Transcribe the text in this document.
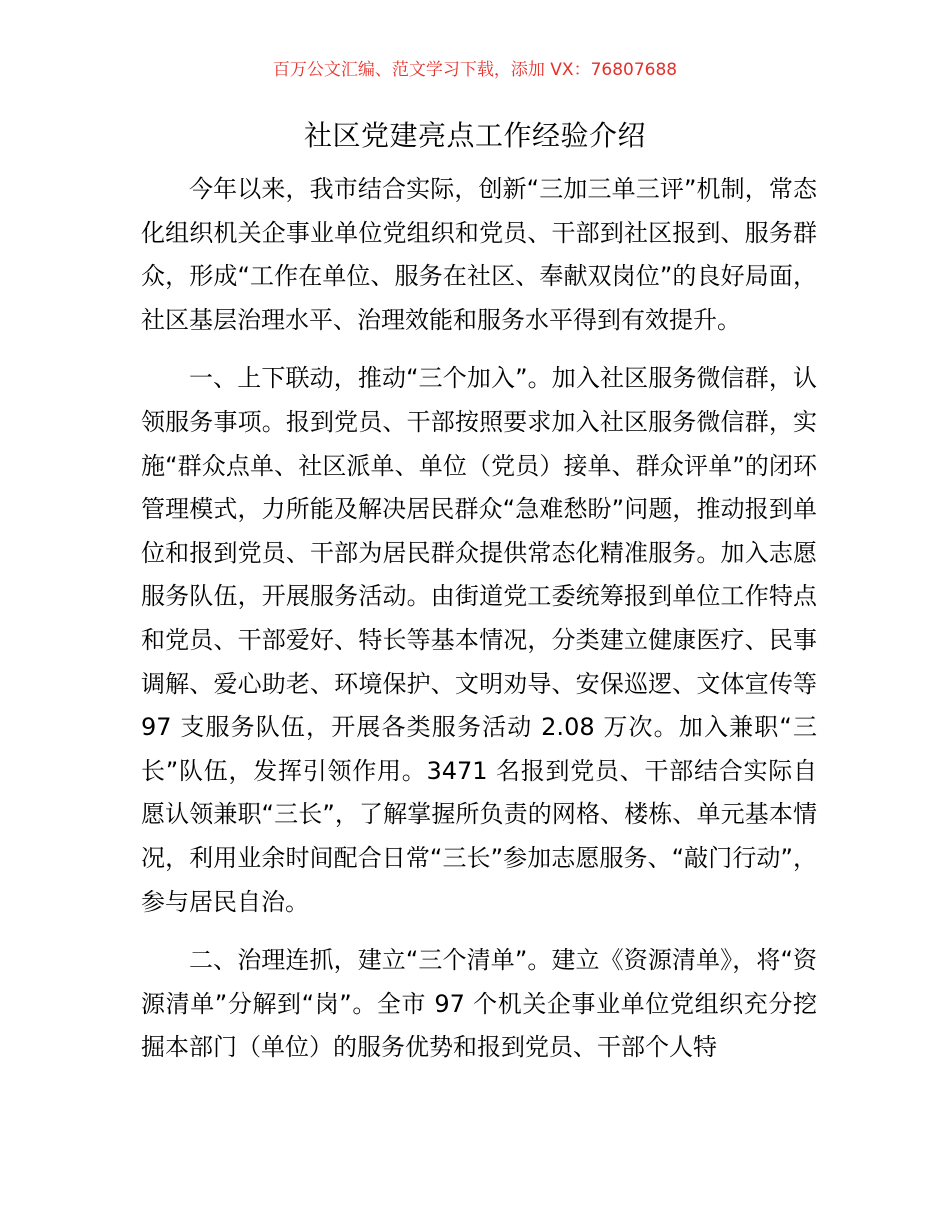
百万公文汇编、范文学习下载，添加 VX：76807688
社区党建亮点工作经验介绍

今年以来，我市结合实际，创新“三加三单三评”机制，常态化组织机关企事业单位党组织和党员、干部到社区报到、服务群众，形成“工作在单位、服务在社区、奉献双岗位”的良好局面，社区基层治理水平、治理效能和服务水平得到有效提升。

一、上下联动，推动“三个加入”。加入社区服务微信群，认领服务事项。报到党员、干部按照要求加入社区服务微信群，实施“群众点单、社区派单、单位（党员）接单、群众评单”的闭环管理模式，力所能及解决居民群众“急难愁盼”问题，推动报到单位和报到党员、干部为居民群众提供常态化精准服务。加入志愿服务队伍，开展服务活动。由街道党工委统筹报到单位工作特点和党员、干部爱好、特长等基本情况，分类建立健康医疗、民事调解、爱心助老、环境保护、文明劝导、安保巡逻、文体宣传等 97 支服务队伍，开展各类服务活动 2.08 万次。加入兼职“三长”队伍，发挥引领作用。3471 名报到党员、干部结合实际自愿认领兼职“三长”，了解掌握所负责的网格、楼栋、单元基本情况，利用业余时间配合日常“三长”参加志愿服务、“敲门行动”，参与居民自治。

二、治理连抓，建立“三个清单”。建立《资源清单》，将“资源清单”分解到“岗”。全市 97 个机关企事业单位党组织充分挖掘本部门（单位）的服务优势和报到党员、干部个人特
